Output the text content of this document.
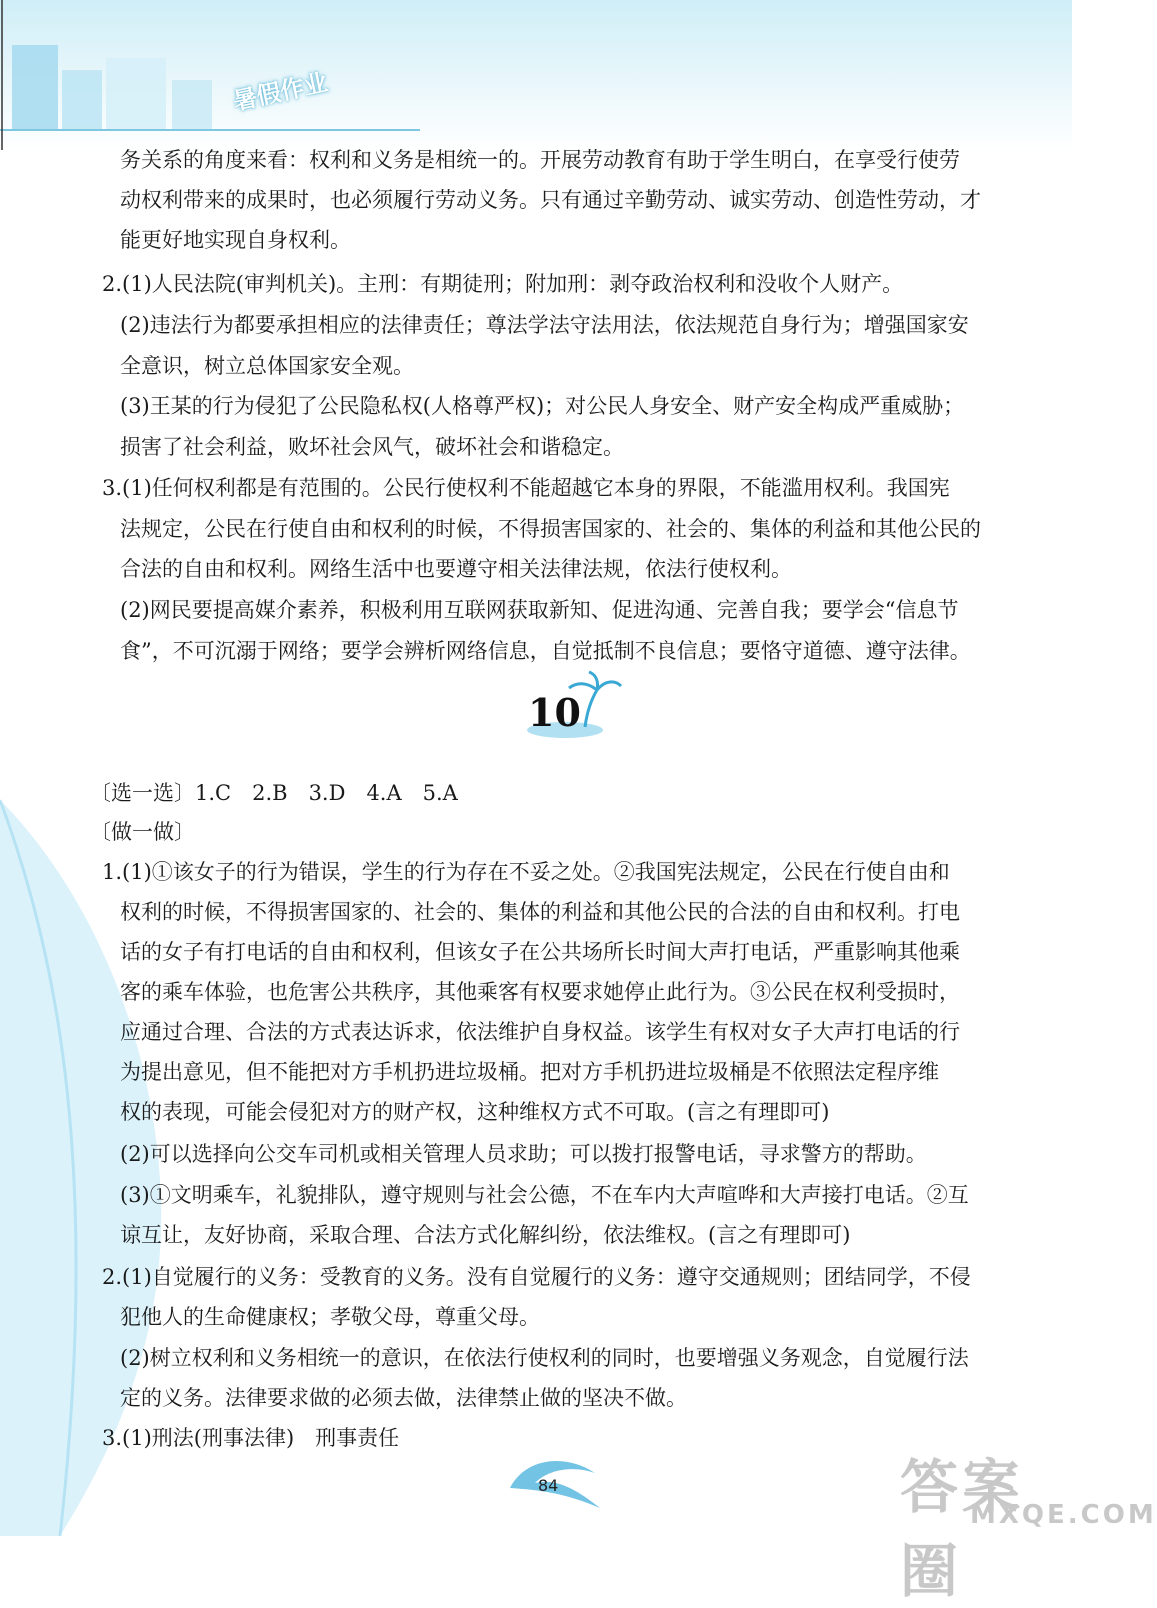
暑假作业
务关系的角度来看：权利和义务是相统一的。开展劳动教育有助于学生明白，在享受行使劳
动权利带来的成果时，也必须履行劳动义务。只有通过辛勤劳动、诚实劳动、创造性劳动，才
能更好地实现自身权利。
2.(1)人民法院(审判机关)。主刑：有期徒刑；附加刑：剥夺政治权利和没收个人财产。
(2)违法行为都要承担相应的法律责任；尊法学法守法用法，依法规范自身行为；增强国家安
全意识，树立总体国家安全观。
(3)王某的行为侵犯了公民隐私权(人格尊严权)；对公民人身安全、财产安全构成严重威胁；
损害了社会利益，败坏社会风气，破坏社会和谐稳定。
3.(1)任何权利都是有范围的。公民行使权利不能超越它本身的界限，不能滥用权利。我国宪
法规定，公民在行使自由和权利的时候，不得损害国家的、社会的、集体的利益和其他公民的
合法的自由和权利。网络生活中也要遵守相关法律法规，依法行使权利。
(2)网民要提高媒介素养，积极利用互联网获取新知、促进沟通、完善自我；要学会“信息节
食”，不可沉溺于网络；要学会辨析网络信息，自觉抵制不良信息；要恪守道德、遵守法律。
〔选一选〕1.C　2.B　3.D　4.A　5.A
〔做一做〕
1.(1)①该女子的行为错误，学生的行为存在不妥之处。②我国宪法规定，公民在行使自由和
权利的时候，不得损害国家的、社会的、集体的利益和其他公民的合法的自由和权利。打电
话的女子有打电话的自由和权利，但该女子在公共场所长时间大声打电话，严重影响其他乘
客的乘车体验，也危害公共秩序，其他乘客有权要求她停止此行为。③公民在权利受损时，
应通过合理、合法的方式表达诉求，依法维护自身权益。该学生有权对女子大声打电话的行
为提出意见，但不能把对方手机扔进垃圾桶。把对方手机扔进垃圾桶是不依照法定程序维
权的表现，可能会侵犯对方的财产权，这种维权方式不可取。(言之有理即可)
(2)可以选择向公交车司机或相关管理人员求助；可以拨打报警电话，寻求警方的帮助。
(3)①文明乘车，礼貌排队，遵守规则与社会公德，不在车内大声喧哗和大声接打电话。②互
谅互让，友好协商，采取合理、合法方式化解纠纷，依法维权。(言之有理即可)
2.(1)自觉履行的义务：受教育的义务。没有自觉履行的义务：遵守交通规则；团结同学，不侵
犯他人的生命健康权；孝敬父母，尊重父母。
(2)树立权利和义务相统一的意识，在依法行使权利的同时，也要增强义务观念，自觉履行法
定的义务。法律要求做的必须去做，法律禁止做的坚决不做。
3.(1)刑法(刑事法律)　刑事责任
10
84	答案圈
MXQE.COM
